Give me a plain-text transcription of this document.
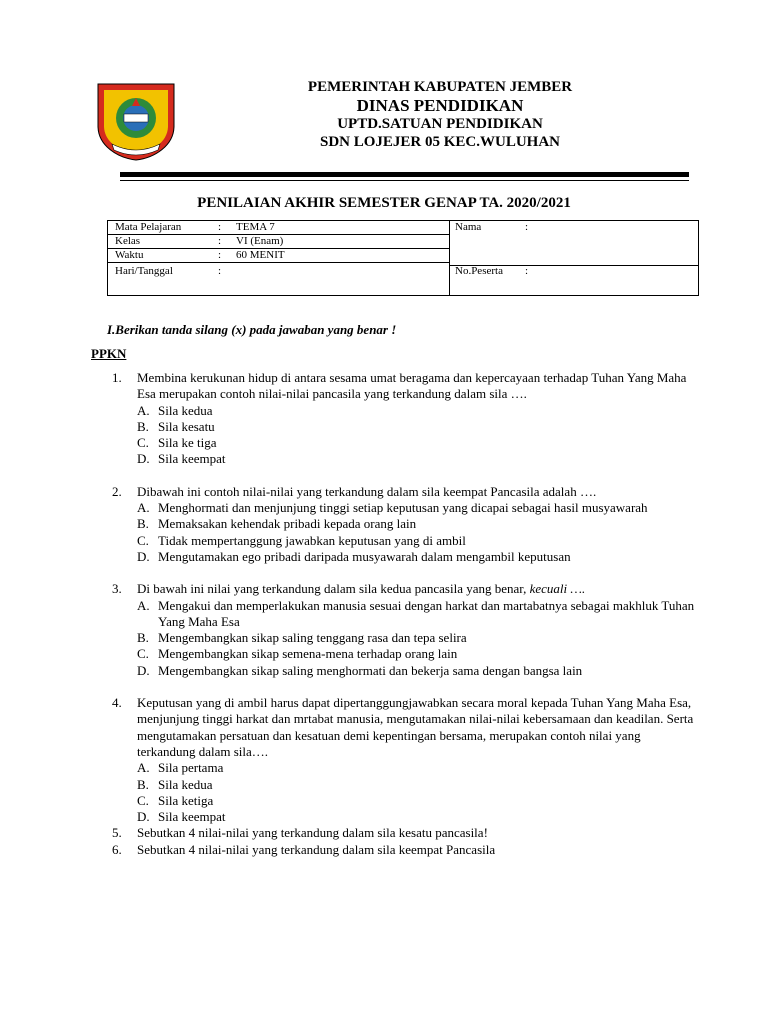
PEMERINTAH KABUPATEN JEMBER
DINAS PENDIDIKAN
UPTD.SATUAN PENDIDIKAN
SDN LOJEJER 05 KEC.WULUHAN
PENILAIAN AKHIR SEMESTER GENAP TA. 2020/2021
Mata Pelajaran	: TEMA 7
Kelas	: VI (Enam)
Waktu	: 60 MENIT
Hari/Tanggal	:
Nama	:
No.Peserta :
I.Berikan tanda silang (x) pada jawaban yang benar !
PPKN
1.	Membina kerukunan hidup di antara sesama umat beragama dan kepercayaan terhadap Tuhan Yang Maha Esa merupakan contoh nilai-nilai pancasila yang terkandung dalam sila ….
A. Sila kedua
B. Sila kesatu
C. Sila ke tiga
D. Sila keempat
2.	Dibawah ini contoh nilai-nilai yang terkandung dalam sila keempat Pancasila adalah ….
A. Menghormati dan menjunjung tinggi setiap keputusan yang dicapai sebagai hasil musyawarah
B. Memaksakan kehendak pribadi kepada orang lain
C. Tidak mempertanggung jawabkan keputusan yang di ambil
D. Mengutamakan ego pribadi daripada musyawarah dalam mengambil keputusan
3.	Di bawah ini nilai yang terkandung dalam sila kedua pancasila yang benar, kecuali ….
A. Mengakui dan memperlakukan manusia sesuai dengan harkat dan martabatnya sebagai makhluk Tuhan Yang Maha Esa
B. Mengembangkan sikap saling tenggang rasa dan tepa selira
C. Mengembangkan sikap semena-mena terhadap orang lain
D. Mengembangkan sikap saling menghormati dan bekerja sama dengan bangsa lain
4.	Keputusan yang di ambil harus dapat dipertanggungjawabkan secara moral kepada Tuhan Yang Maha Esa, menjunjung tinggi harkat dan mrtabat manusia, mengutamakan nilai-nilai kebersamaan dan keadilan. Serta mengutamakan persatuan dan kesatuan demi kepentingan bersama, merupakan contoh nilai yang terkandung dalam sila….
A. Sila pertama
B. Sila kedua
C. Sila ketiga
D. Sila keempat
5.	Sebutkan 4 nilai-nilai yang terkandung dalam sila kesatu pancasila!
6.	Sebutkan 4 nilai-nilai yang terkandung dalam sila keempat Pancasila
